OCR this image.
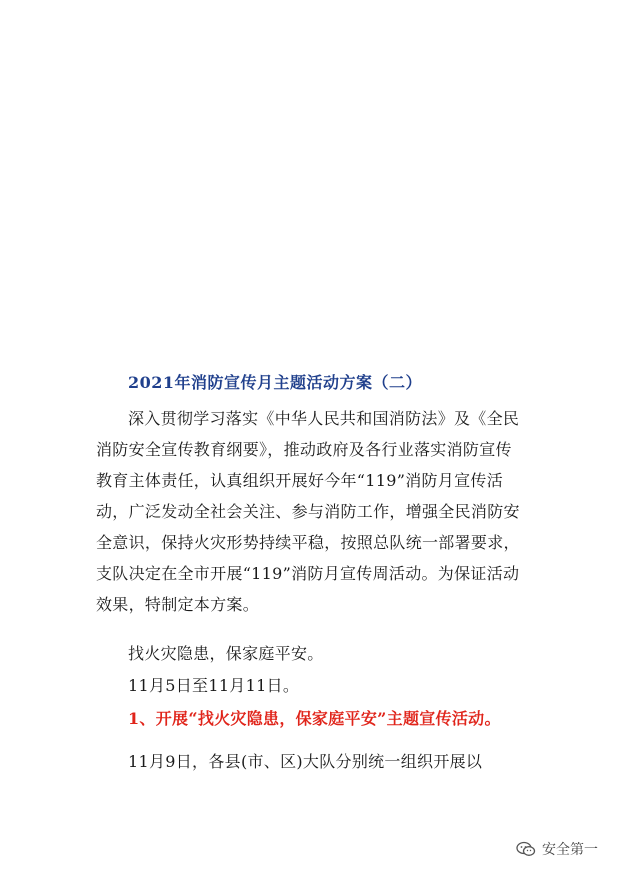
2021年消防宣传月主题活动方案（二）

深入贯彻学习落实《中华人民共和国消防法》及《全民消防安全宣传教育纲要》，推动政府及各行业落实消防宣传教育主体责任，认真组织开展好今年“119”消防月宣传活动，广泛发动全社会关注、参与消防工作，增强全民消防安全意识，保持火灾形势持续平稳，按照总队统一部署要求，支队决定在全市开展“119”消防月宣传周活动。为保证活动效果，特制定本方案。

找火灾隐患，保家庭平安。
11月5日至11月11日。
1、开展“找火灾隐患，保家庭平安”主题宣传活动。
11月9日，各县(市、区)大队分别统一组织开展以
安全第一
